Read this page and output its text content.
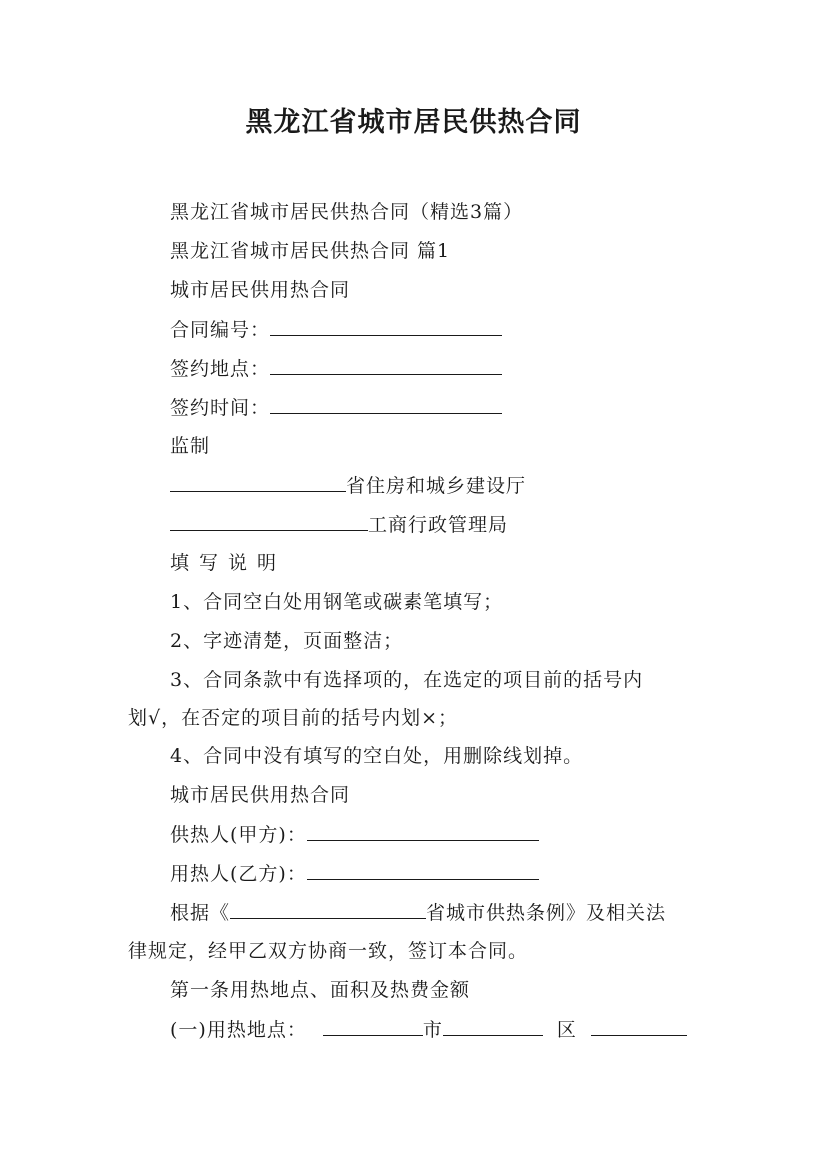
黑龙江省城市居民供热合同
黑龙江省城市居民供热合同（精选3篇）
黑龙江省城市居民供热合同 篇1
城市居民供用热合同
合同编号：
签约地点：
签约时间：
监制
省住房和城乡建设厅
工商行政管理局
填写说明
1、合同空白处用钢笔或碳素笔填写；
2、字迹清楚，页面整洁；
3、合同条款中有选择项的，在选定的项目前的括号内
划√，在否定的项目前的括号内划×；
4、合同中没有填写的空白处，用删除线划掉。
城市居民供用热合同
供热人(甲方)：
用热人(乙方)：
根据《	省城市供热条例》及相关法
律规定，经甲乙双方协商一致，签订本合同。
第一条用热地点、面积及热费金额
(一)用热地点：	市	区
